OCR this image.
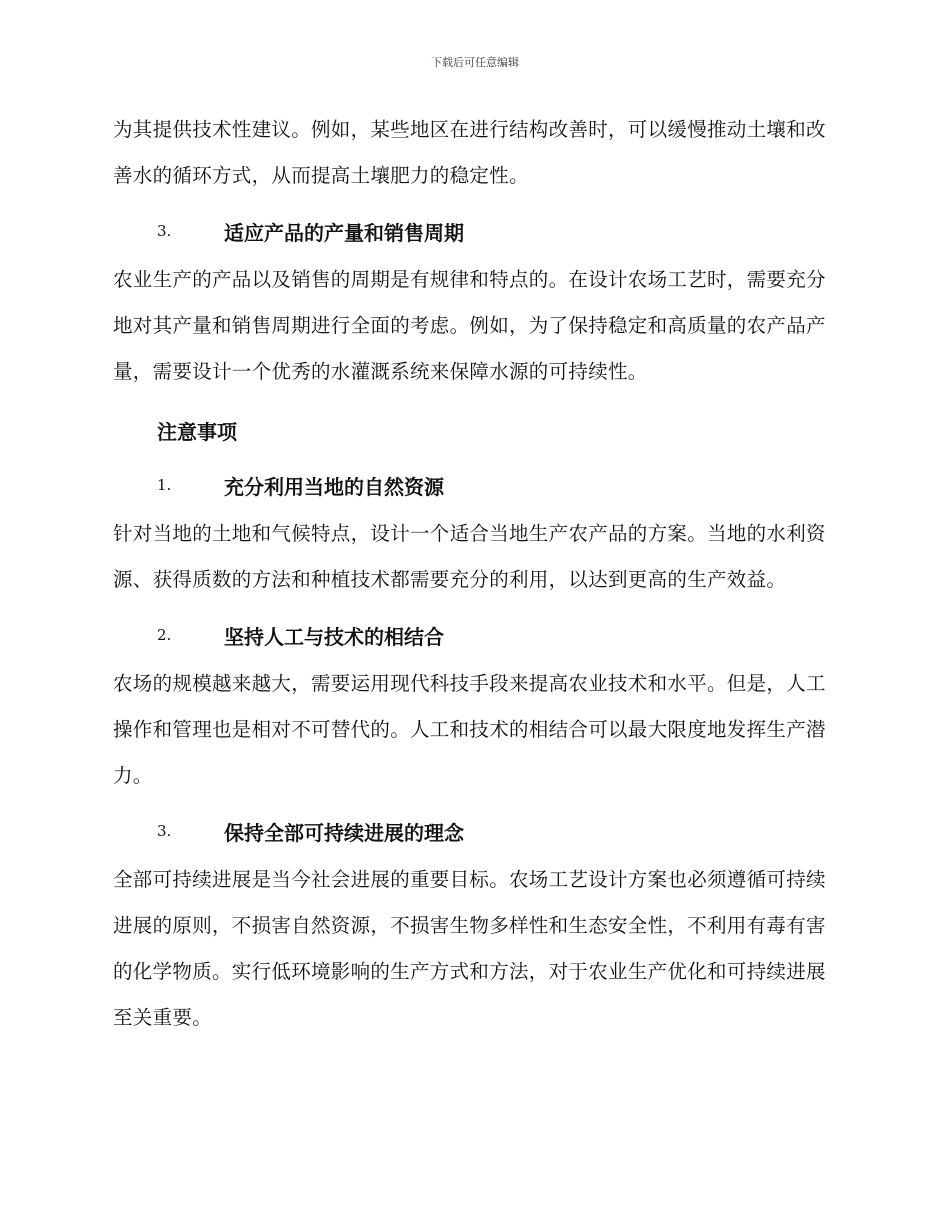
下载后可任意编辑

为其提供技术性建议。例如，某些地区在进行结构改善时，可以缓慢推动土壤和改善水的循环方式，从而提高土壤肥力的稳定性。

3.	适应产品的产量和销售周期

农业生产的产品以及销售的周期是有规律和特点的。在设计农场工艺时，需要充分地对其产量和销售周期进行全面的考虑。例如，为了保持稳定和高质量的农产品产量，需要设计一个优秀的水灌溉系统来保障水源的可持续性。

注意事项
1.	充分利用当地的自然资源

针对当地的土地和气候特点，设计一个适合当地生产农产品的方案。当地的水利资源、获得质数的方法和种植技术都需要充分的利用，以达到更高的生产效益。

2.	坚持人工与技术的相结合

农场的规模越来越大，需要运用现代科技手段来提高农业技术和水平。但是，人工操作和管理也是相对不可替代的。人工和技术的相结合可以最大限度地发挥生产潜力。

3.	保持全部可持续进展的理念

全部可持续进展是当今社会进展的重要目标。农场工艺设计方案也必须遵循可持续进展的原则，不损害自然资源，不损害生物多样性和生态安全性，不利用有毒有害的化学物质。实行低环境影响的生产方式和方法，对于农业生产优化和可持续进展至关重要。
